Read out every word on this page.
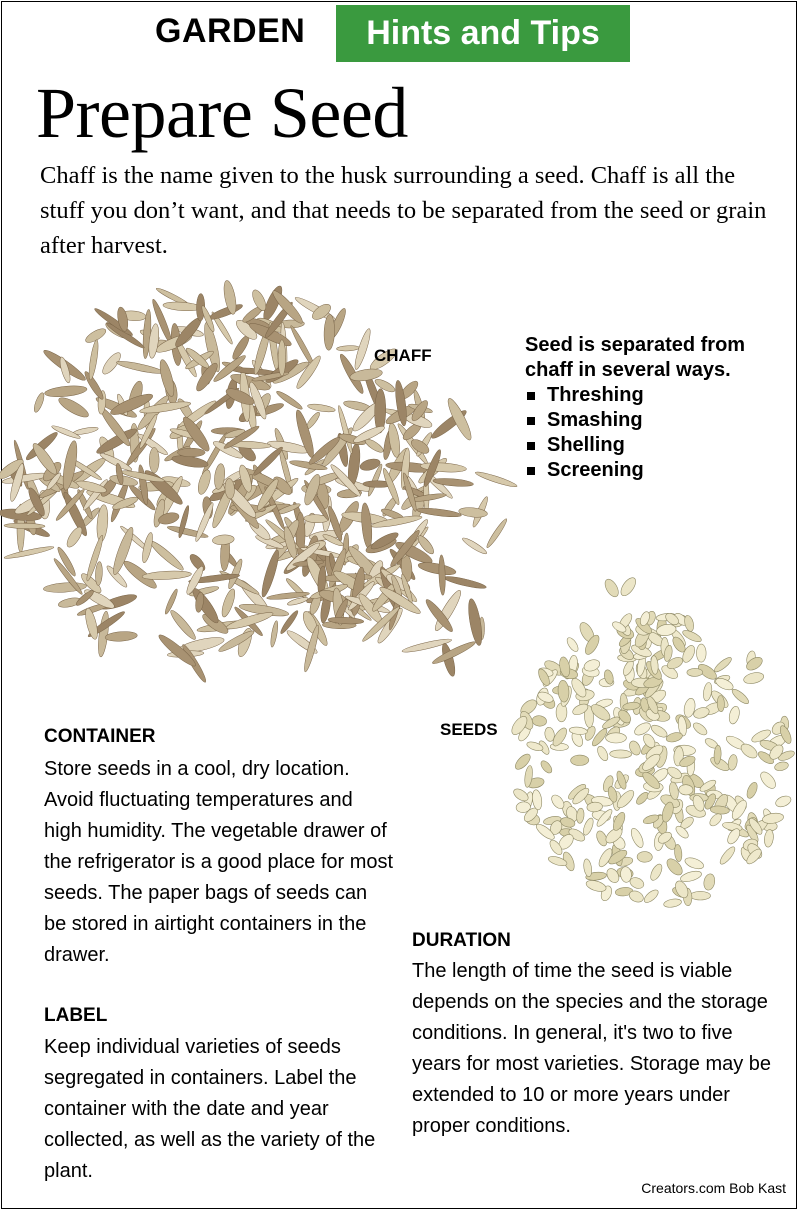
GARDEN	Hints and Tips
Prepare Seed
Chaff is the name given to the husk surrounding a seed. Chaff is all the stuff you don’t want, and that needs to be separated from the seed or grain after harvest.
CHAFF
SEEDS
Seed is separated from chaff in several ways.
Threshing
Smashing
Shelling
Screening
CONTAINER
Store seeds in a cool, dry location. Avoid fluctuating temperatures and high humidity. The vegetable drawer of the refrigerator is a good place for most seeds. The paper bags of seeds can be stored in airtight containers in the drawer.
LABEL
Keep individual varieties of seeds segregated in containers. Label the container with the date and year collected, as well as the variety of the plant.
DURATION
The length of time the seed is viable depends on the species and the storage conditions. In general, it's two to five years for most varieties. Storage may be extended to 10 or more years under proper conditions.
Creators.com Bob Kast
